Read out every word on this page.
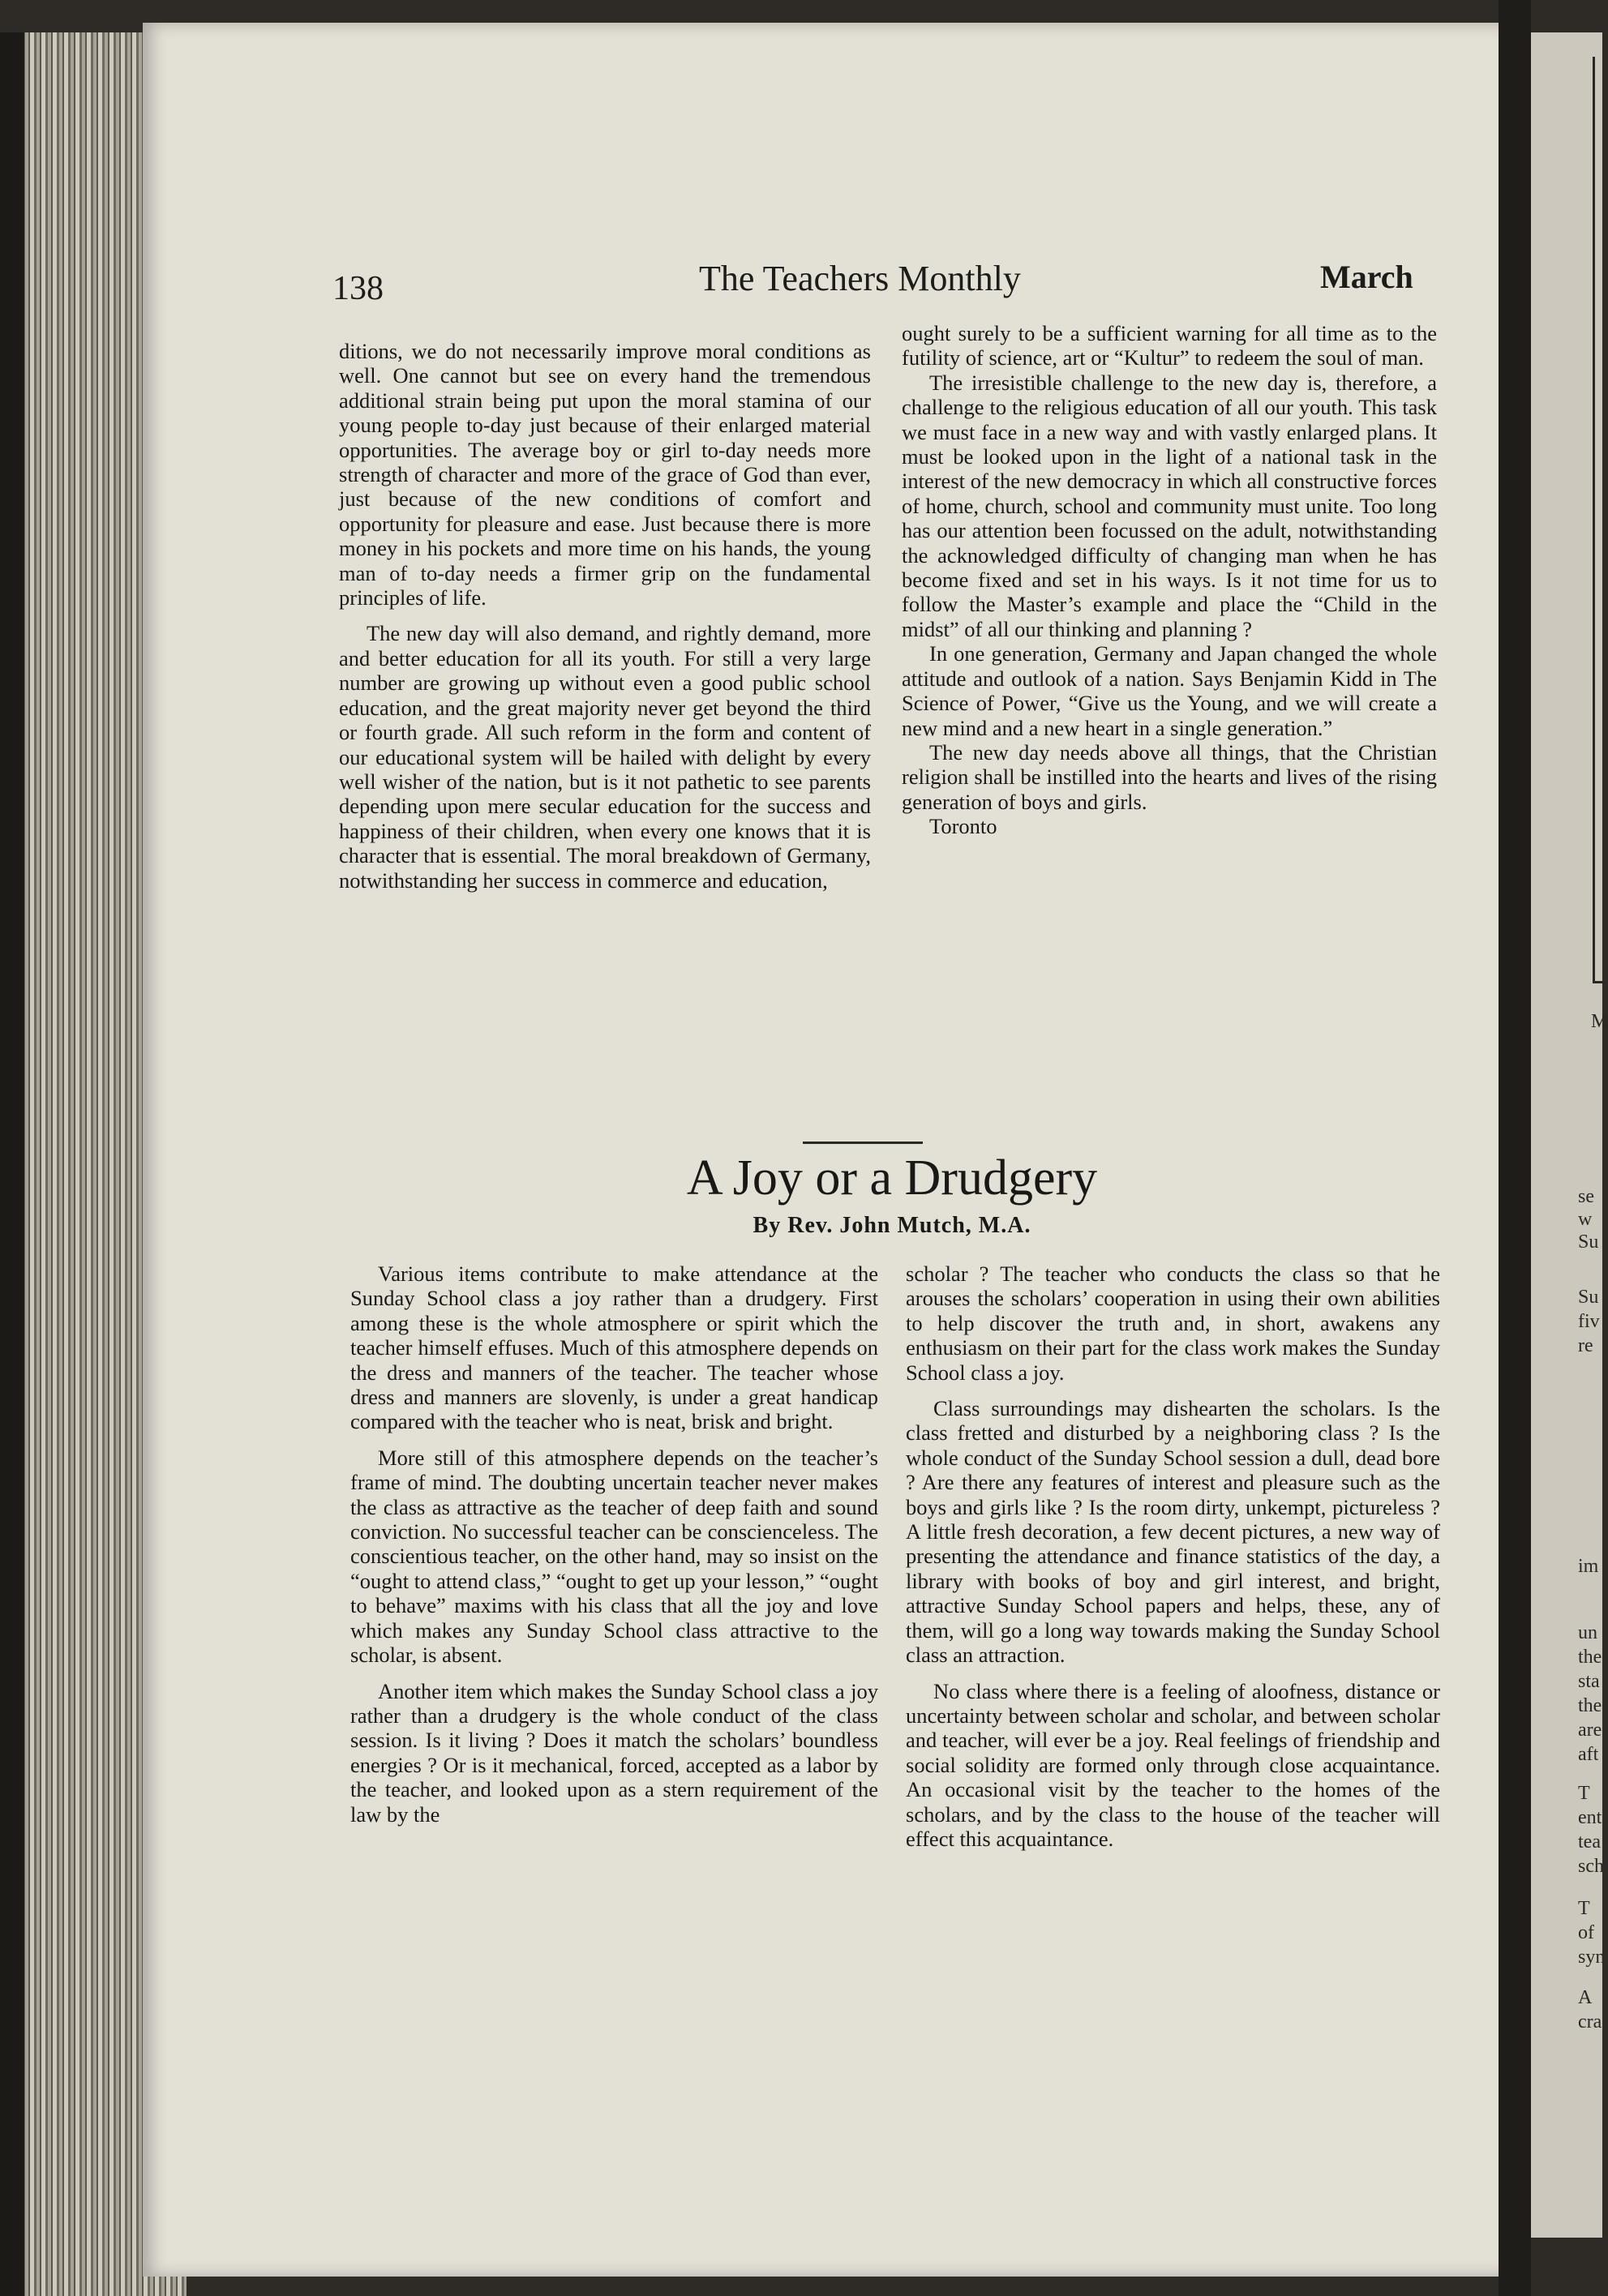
M
se
w
Su
Su
fiv
re
im
un
the
sta
the
are
aft
T
ent
tea
sch
T
of
syn
A
cra
138	The Teachers Monthly	March

ditions, we do not necessarily improve moral conditions as well. One cannot but see on every hand the tremendous additional strain being put upon the moral stamina of our young people to-day just because of their enlarged material opportunities. The average boy or girl to-day needs more strength of character and more of the grace of God than ever, just because of the new conditions of comfort and opportunity for pleasure and ease. Just because there is more money in his pockets and more time on his hands, the young man of to-day needs a firmer grip on the fundamental principles of life.

The new day will also demand, and rightly demand, more and better education for all its youth. For still a very large number are growing up without even a good public school education, and the great majority never get beyond the third or fourth grade. All such reform in the form and content of our educational system will be hailed with delight by every well wisher of the nation, but is it not pathetic to see parents depending upon mere secular education for the success and happiness of their children, when every one knows that it is character that is essential. The moral breakdown of Germany, notwithstanding her success in commerce and education,

ought surely to be a sufficient warning for all time as to the futility of science, art or “Kultur” to redeem the soul of man.

The irresistible challenge to the new day is, therefore, a challenge to the religious education of all our youth. This task we must face in a new way and with vastly enlarged plans. It must be looked upon in the light of a national task in the interest of the new democracy in which all constructive forces of home, church, school and community must unite. Too long has our attention been focussed on the adult, notwithstanding the acknowledged difficulty of changing man when he has become fixed and set in his ways. Is it not time for us to follow the Master’s example and place the “Child in the midst” of all our thinking and planning ?

In one generation, Germany and Japan changed the whole attitude and outlook of a nation. Says Benjamin Kidd in The Science of Power, “Give us the Young, and we will create a new mind and a new heart in a single generation.”

The new day needs above all things, that the Christian religion shall be instilled into the hearts and lives of the rising generation of boys and girls.

Toronto

A Joy or a Drudgery
By Rev. John Mutch, M.A.

Various items contribute to make attendance at the Sunday School class a joy rather than a drudgery. First among these is the whole atmosphere or spirit which the teacher himself effuses. Much of this atmosphere depends on the dress and manners of the teacher. The teacher whose dress and manners are slovenly, is under a great handicap compared with the teacher who is neat, brisk and bright.

More still of this atmosphere depends on the teacher’s frame of mind. The doubting uncertain teacher never makes the class as attractive as the teacher of deep faith and sound conviction. No successful teacher can be conscienceless. The conscientious teacher, on the other hand, may so insist on the “ought to attend class,” “ought to get up your lesson,” “ought to behave” maxims with his class that all the joy and love which makes any Sunday School class attractive to the scholar, is absent.

Another item which makes the Sunday School class a joy rather than a drudgery is the whole conduct of the class session. Is it living ? Does it match the scholars’ boundless energies ? Or is it mechanical, forced, accepted as a labor by the teacher, and looked upon as a stern requirement of the law by the

scholar ? The teacher who conducts the class so that he arouses the scholars’ cooperation in using their own abilities to help discover the truth and, in short, awakens any enthusiasm on their part for the class work makes the Sunday School class a joy.

Class surroundings may dishearten the scholars. Is the class fretted and disturbed by a neighboring class ? Is the whole conduct of the Sunday School session a dull, dead bore ? Are there any features of interest and pleasure such as the boys and girls like ? Is the room dirty, unkempt, pictureless ? A little fresh decoration, a few decent pictures, a new way of presenting the attendance and finance statistics of the day, a library with books of boy and girl interest, and bright, attractive Sunday School papers and helps, these, any of them, will go a long way towards making the Sunday School class an attraction.

No class where there is a feeling of aloofness, distance or uncertainty between scholar and scholar, and between scholar and teacher, will ever be a joy. Real feelings of friendship and social solidity are formed only through close acquaintance. An occasional visit by the teacher to the homes of the scholars, and by the class to the house of the teacher will effect this acquaintance.
